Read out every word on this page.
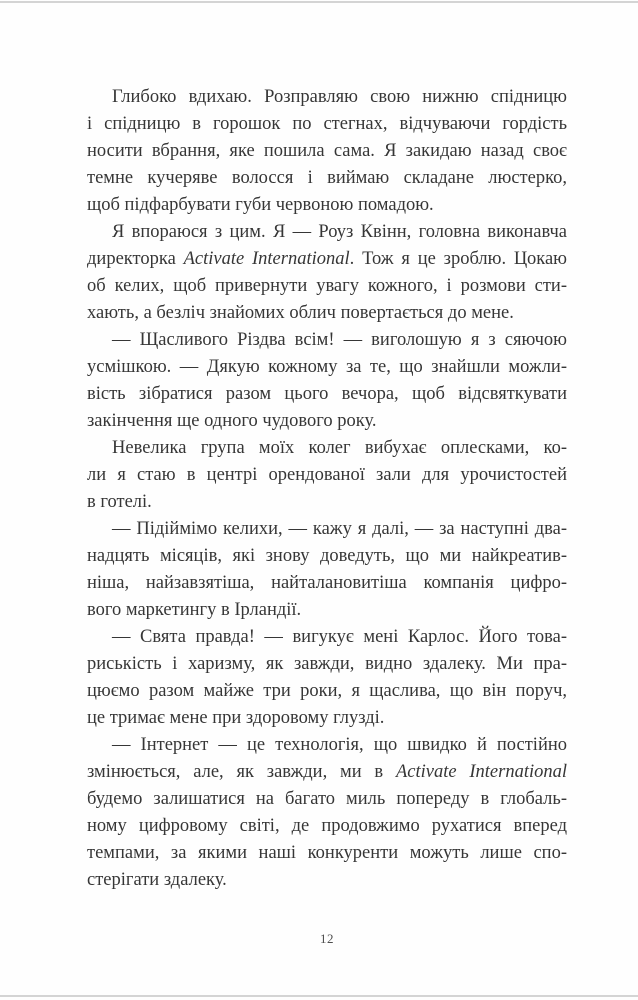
Глибоко вдихаю. Розправляю свою нижню спідницю
і спідницю в горошок по стегнах, відчуваючи гордість
носити вбрання, яке пошила сама. Я закидаю назад своє
темне кучеряве волосся і виймаю складане люстерко,
щоб підфарбувати губи червоною помадою.

Я впораюся з цим. Я — Роуз Квінн, головна виконавча
директорка Activate International. Тож я це зроблю. Цокаю
об келих, щоб привернути увагу кожного, і розмови сти-
хають, а безліч знайомих облич повертається до мене.

— Щасливого Різдва всім! — виголошую я з сяючою
усмішкою. — Дякую кожному за те, що знайшли можли-
вість зібратися разом цього вечора, щоб відсвяткувати
закінчення ще одного чудового року.

Невелика група моїх колег вибухає оплесками, ко-
ли я стаю в центрі орендованої зали для урочистостей
в готелі.

— Підіймімо келихи, — кажу я далі, — за наступні два-
надцять місяців, які знову доведуть, що ми найкреатив-
ніша, найзавзятіша, найталановитіша компанія цифро-
вого маркетингу в Ірландії.

— Свята правда! — вигукує мені Карлос. Його това-
риськість і харизму, як завжди, видно здалеку. Ми пра-
цюємо разом майже три роки, я щаслива, що він поруч,
це тримає мене при здоровому глузді.

— Інтернет — це технологія, що швидко й постійно
змінюється, але, як завжди, ми в Activate International
будемо залишатися на багато миль попереду в глобаль-
ному цифровому світі, де продовжимо рухатися вперед
темпами, за якими наші конкуренти можуть лише спо-
стерігати здалеку.

12
